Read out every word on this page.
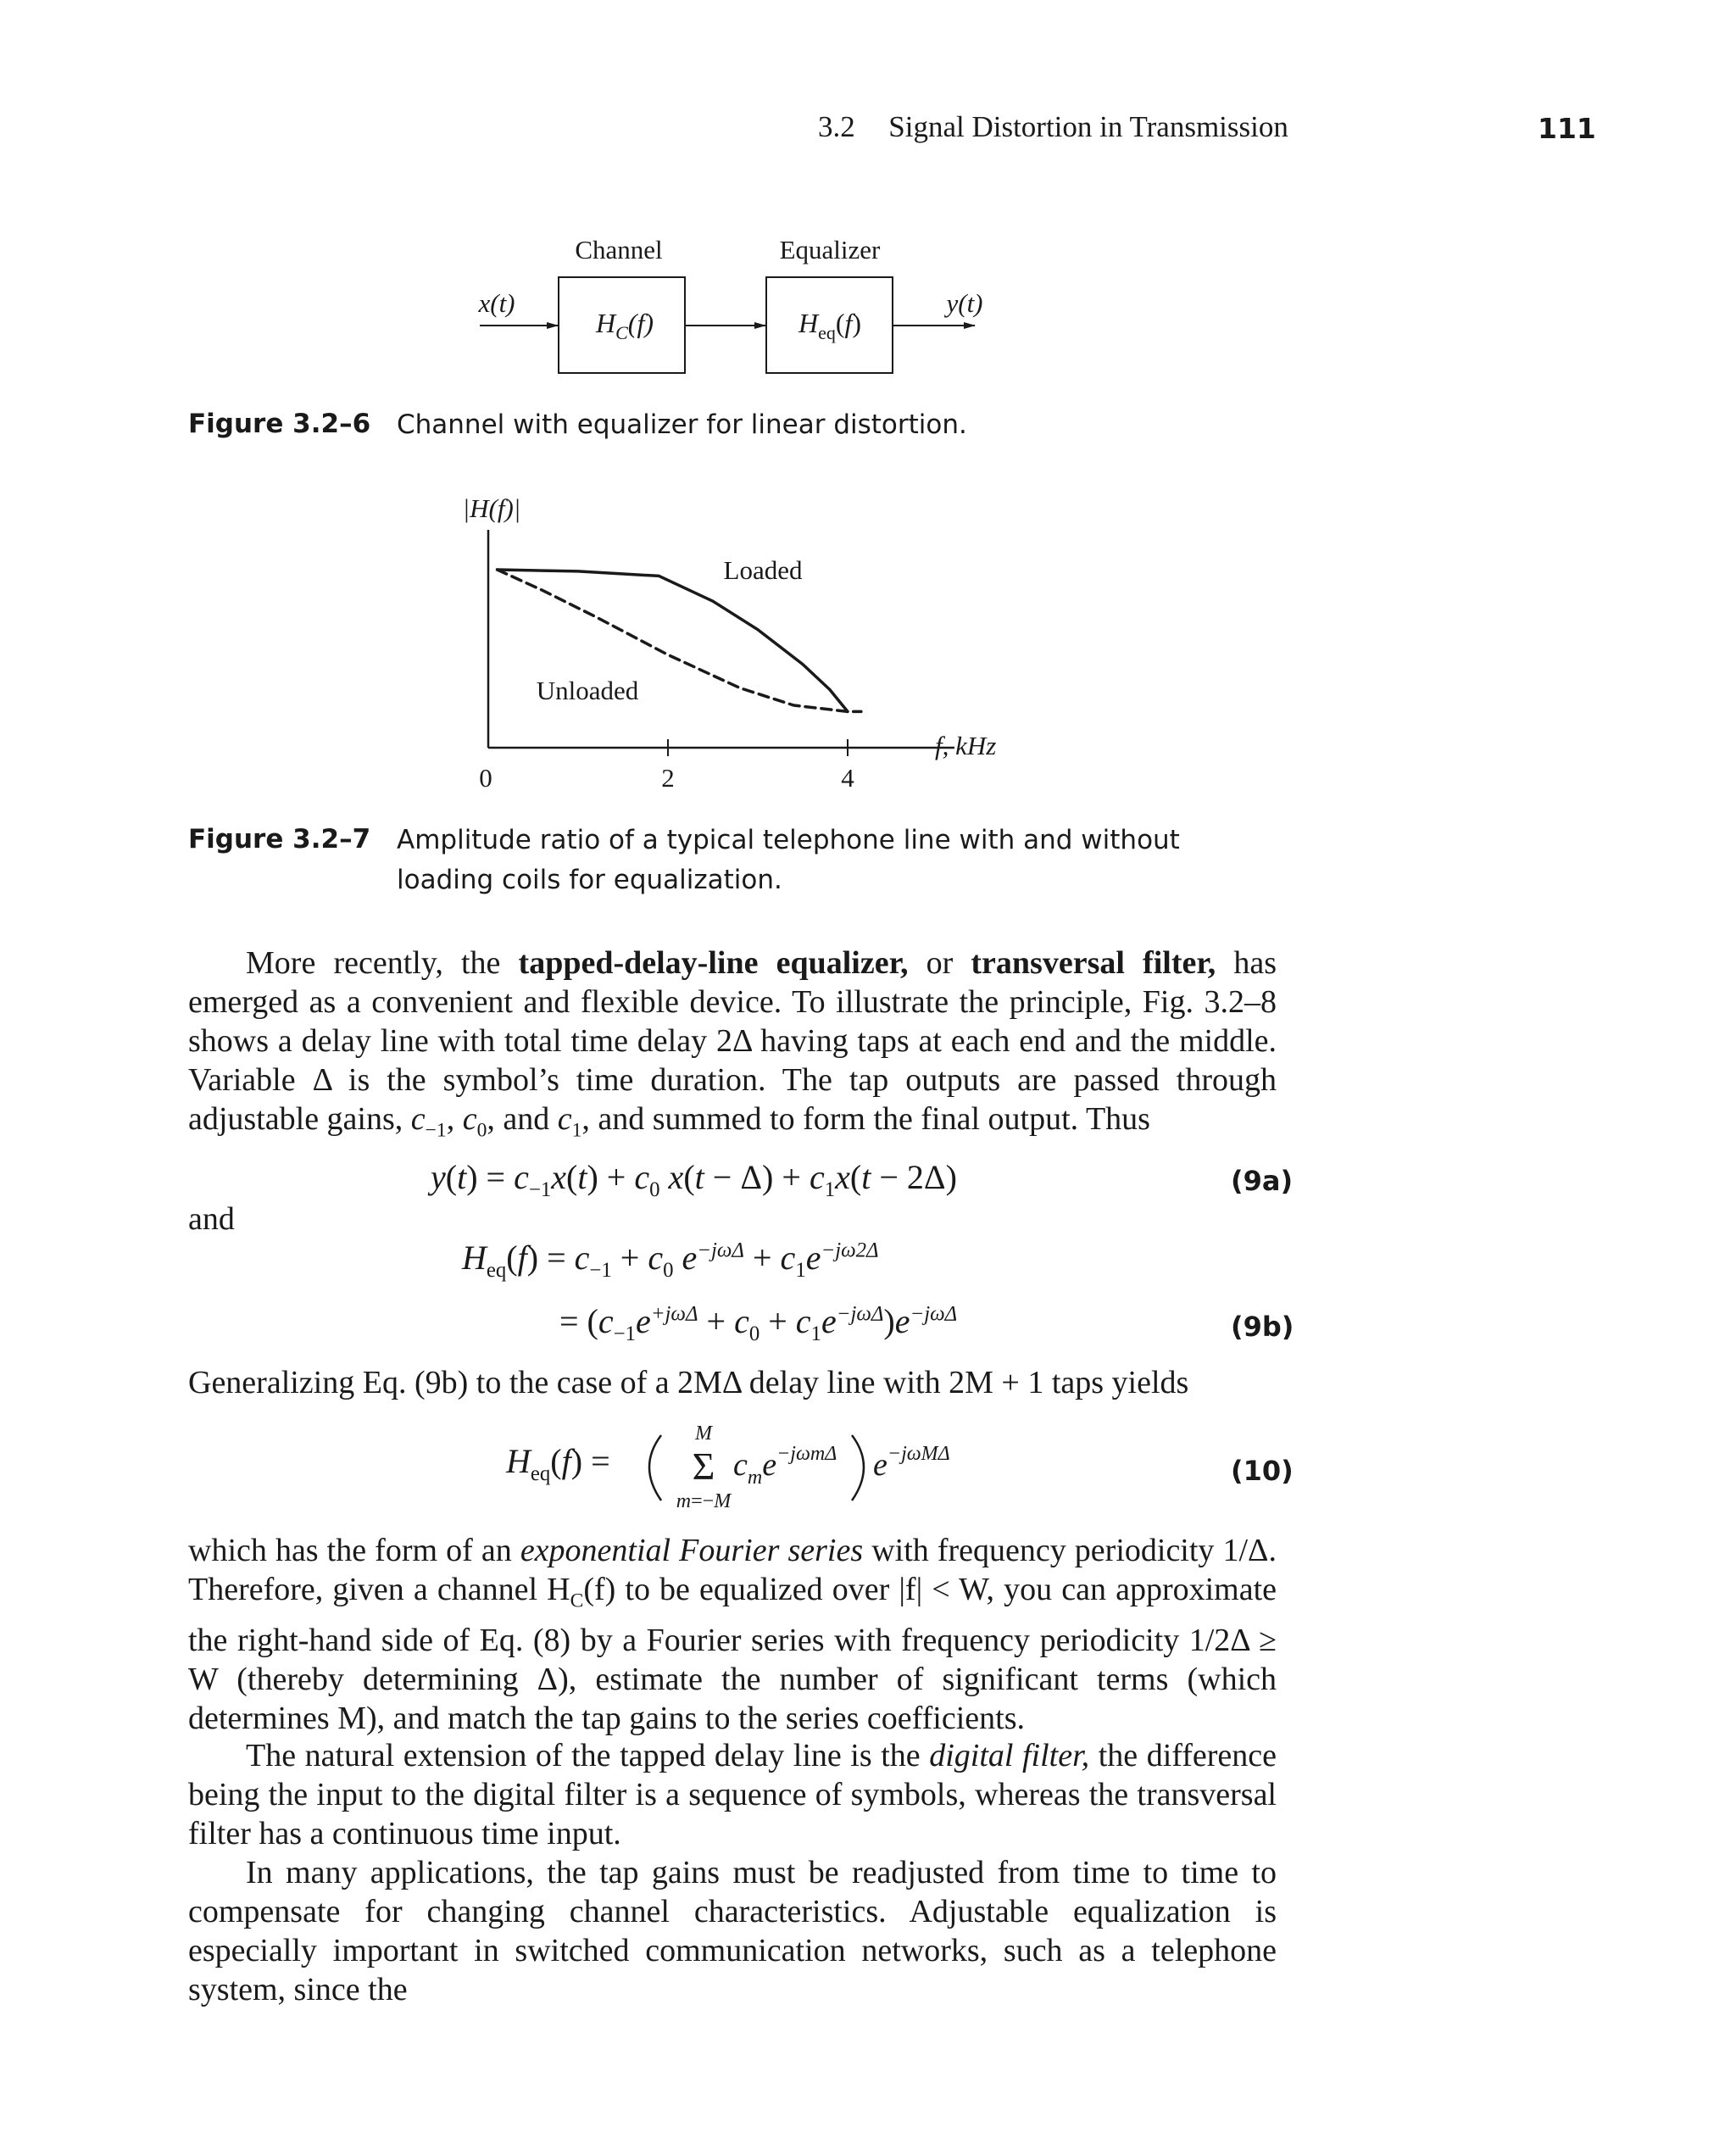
3.2 Signal Distortion in Transmission	111
Channel	Equalizer
x(t)	y(t)
$H_C(f)$	$H_{eq}(f)$
Figure 3.2–6 Channel with equalizer for linear distortion.
0	2	4
|H(f)|
f, kHz
Loaded
Unloaded
Figure 3.2–7 Amplitude ratio of a typical telephone line with and without loading coils for equalization.
More recently, the tapped-delay-line equalizer, or transversal filter, has emerged as a convenient and flexible device. To illustrate the principle, Fig. 3.2–8 shows a delay line with total time delay 2Δ having taps at each end and the middle. Variable Δ is the symbol’s time duration. The tap outputs are passed through adjustable gains, $c_{-1}$, $c_0$, and $c_1$, and summed to form the final output. Thus
$y(t) = c_{-1}x(t) + c_0$ $x(t - \Delta) + c_1x(t - 2\Delta)$	(9a)
and
$H_{eq}(f) = c_{-1} + c_0$ $e^{-j\omega\Delta} + c_1e^{-j\omega 2\Delta}$
= $(c_{-1}e^{+j\omega\Delta} + c_0 + c_1e^{-j\omega\Delta})e^{-j\omega\Delta}$	(9b)
Generalizing Eq. (9b) to the case of a 2MΔ delay line with 2M + 1 taps yields
$H_{eq}(f)$ =
M
Σ
m=−M
$c_me^{-j\omega m\Delta}$ $e^{-j\omega M\Delta}$
(10)
which has the form of an exponential Fourier series with frequency periodicity 1/Δ. Therefore, given a channel $H_C(f)$ to be equalized over |f| < W, you can approximate the right-hand side of Eq. (8) by a Fourier series with frequency periodicity 1/2Δ ≥ W (thereby determining Δ), estimate the number of significant terms (which determines M), and match the tap gains to the series coefficients.
The natural extension of the tapped delay line is the digital filter, the difference being the input to the digital filter is a sequence of symbols, whereas the transversal filter has a continuous time input.
In many applications, the tap gains must be readjusted from time to time to compensate for changing channel characteristics. Adjustable equalization is especially important in switched communication networks, such as a telephone system, since the
